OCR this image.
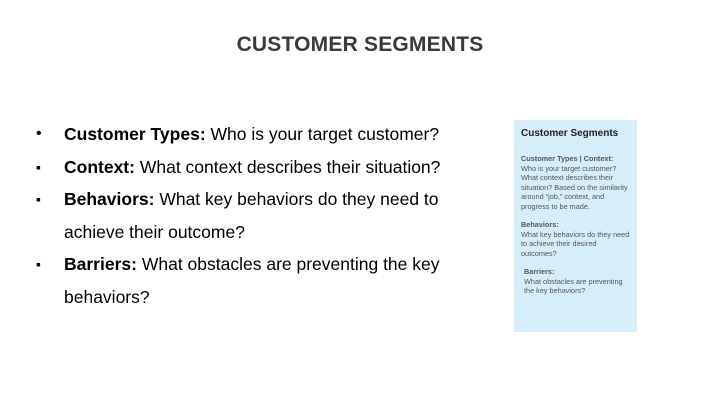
CUSTOMER SEGMENTS
•	Customer Types: Who is your target customer?
▪	Context: What context describes their situation?
▪	Behaviors: What key behaviors do they need to achieve their outcome?
▪	Barriers: What obstacles are preventing the key behaviors?
Customer Segments
Customer Types | Context:
Who is your target customer? What context describes their situation? Based on the similarity around “job,” context, and progress to be made.
Behaviors:
What key behaviors do they need to achieve their desired outcomes?
Barriers:
What obstacles are preventing the key behaviors?
